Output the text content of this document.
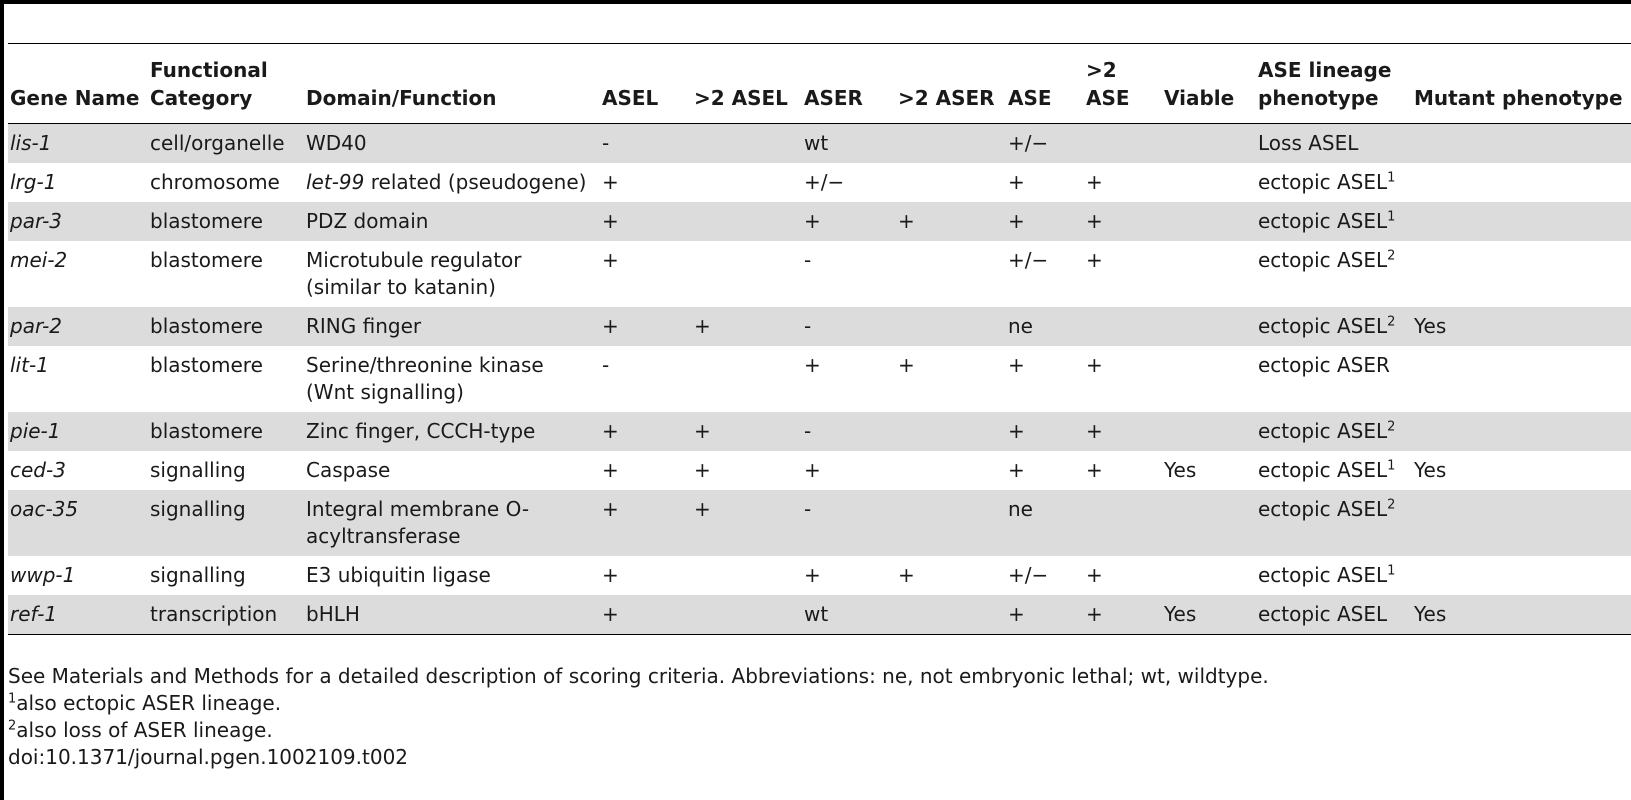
Gene Name	Functional Category	Domain/Function	ASEL	>2 ASEL	ASER	>2 ASER	ASE	>2 ASE	Viable	ASE lineage phenotype	Mutant phenotype
lis-1	cell/organelle	WD40	-		wt		+/−			Loss ASEL	
lrg-1	chromosome	let-99 related (pseudogene)	+		+/−		+	+		ectopic ASEL$^1$	
par-3	blastomere	PDZ domain	+		+	+	+	+		ectopic ASEL$^1$	
mei-2	blastomere	Microtubule regulator (similar to katanin)	+		-		+/−	+		ectopic ASEL$^2$	
par-2	blastomere	RING finger	+	+	-		ne			ectopic ASEL$^2$	Yes
lit-1	blastomere	Serine/threonine kinase (Wnt signalling)	-		+	+	+	+		ectopic ASER	
pie-1	blastomere	Zinc finger, CCCH-type	+	+	-		+	+		ectopic ASEL$^2$	
ced-3	signalling	Caspase	+	+	+		+	+	Yes	ectopic ASEL$^1$	Yes
oac-35	signalling	Integral membrane O-acyltransferase	+	+	-		ne			ectopic ASEL$^2$	
wwp-1	signalling	E3 ubiquitin ligase	+		+	+	+/−	+		ectopic ASEL$^1$	
ref-1	transcription	bHLH	+		wt		+	+	Yes	ectopic ASEL	Yes
See Materials and Methods for a detailed description of scoring criteria. Abbreviations: ne, not embryonic lethal; wt, wildtype.
$^1$also ectopic ASER lineage.
$^2$also loss of ASER lineage.
doi:10.1371/journal.pgen.1002109.t002
